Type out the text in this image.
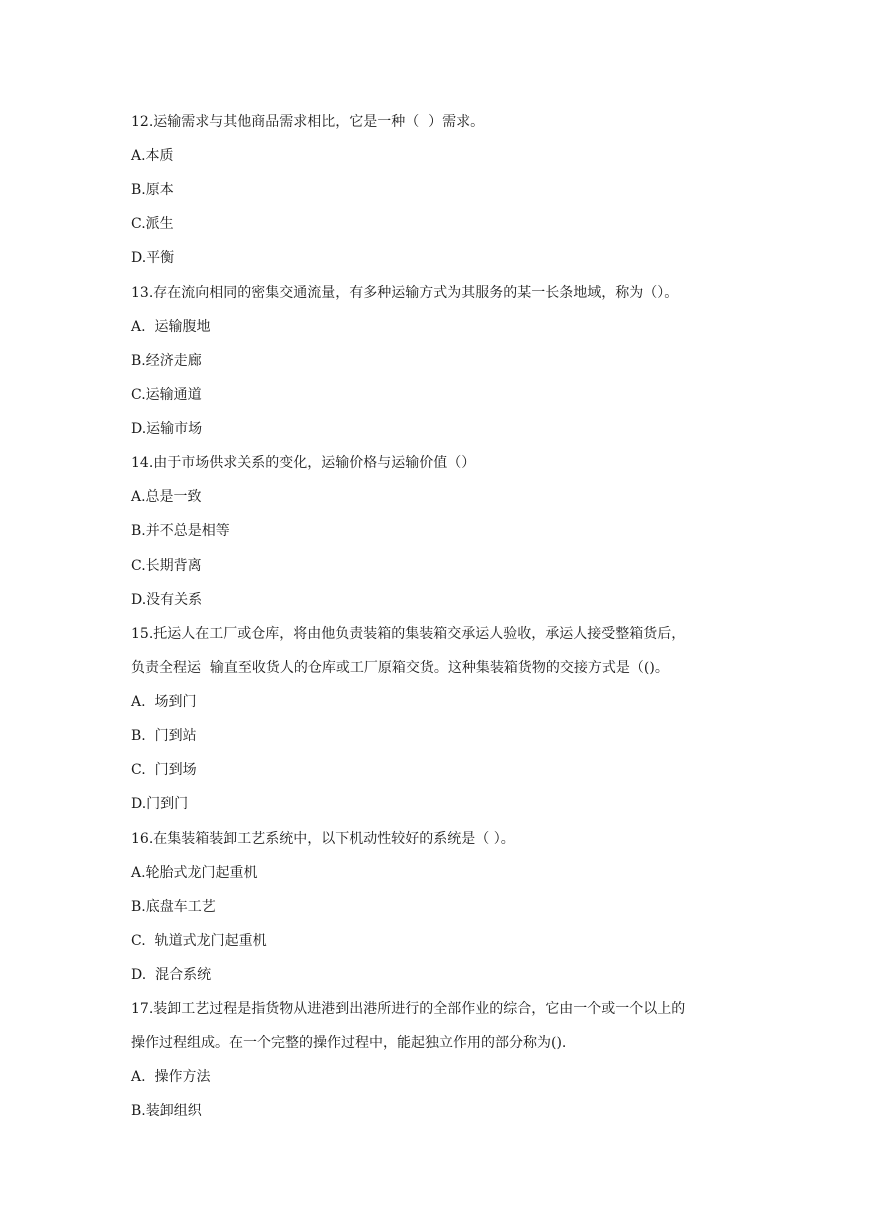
12.运输需求与其他商品需求相比，它是一种（  ）需求。
A.本质
B.原本
C.派生
D.平衡
13.存在流向相同的密集交通流量，有多种运输方式为其服务的某一长条地域，称为（）。
A.  运输腹地
B.经济走廊
C.运输通道
D.运输市场
14.由于市场供求关系的变化，运输价格与运输价值（）
A.总是一致
B.并不总是相等
C.长期背离
D.没有关系
15.托运人在工厂或仓库，将由他负责装箱的集装箱交承运人验收，承运人接受整箱货后，
负责全程运  输直至收货人的仓库或工厂原箱交货。这种集装箱货物的交接方式是（()。
A.  场到门
B.  门到站
C.  门到场
D.门到门
16.在集装箱装卸工艺系统中，以下机动性较好的系统是（ ）。
A.轮胎式龙门起重机
B.底盘车工艺
C.  轨道式龙门起重机
D.  混合系统
17.装卸工艺过程是指货物从进港到出港所进行的全部作业的综合，它由一个或一个以上的
操作过程组成。在一个完整的操作过程中，能起独立作用的部分称为().
A.  操作方法
B.装卸组织
